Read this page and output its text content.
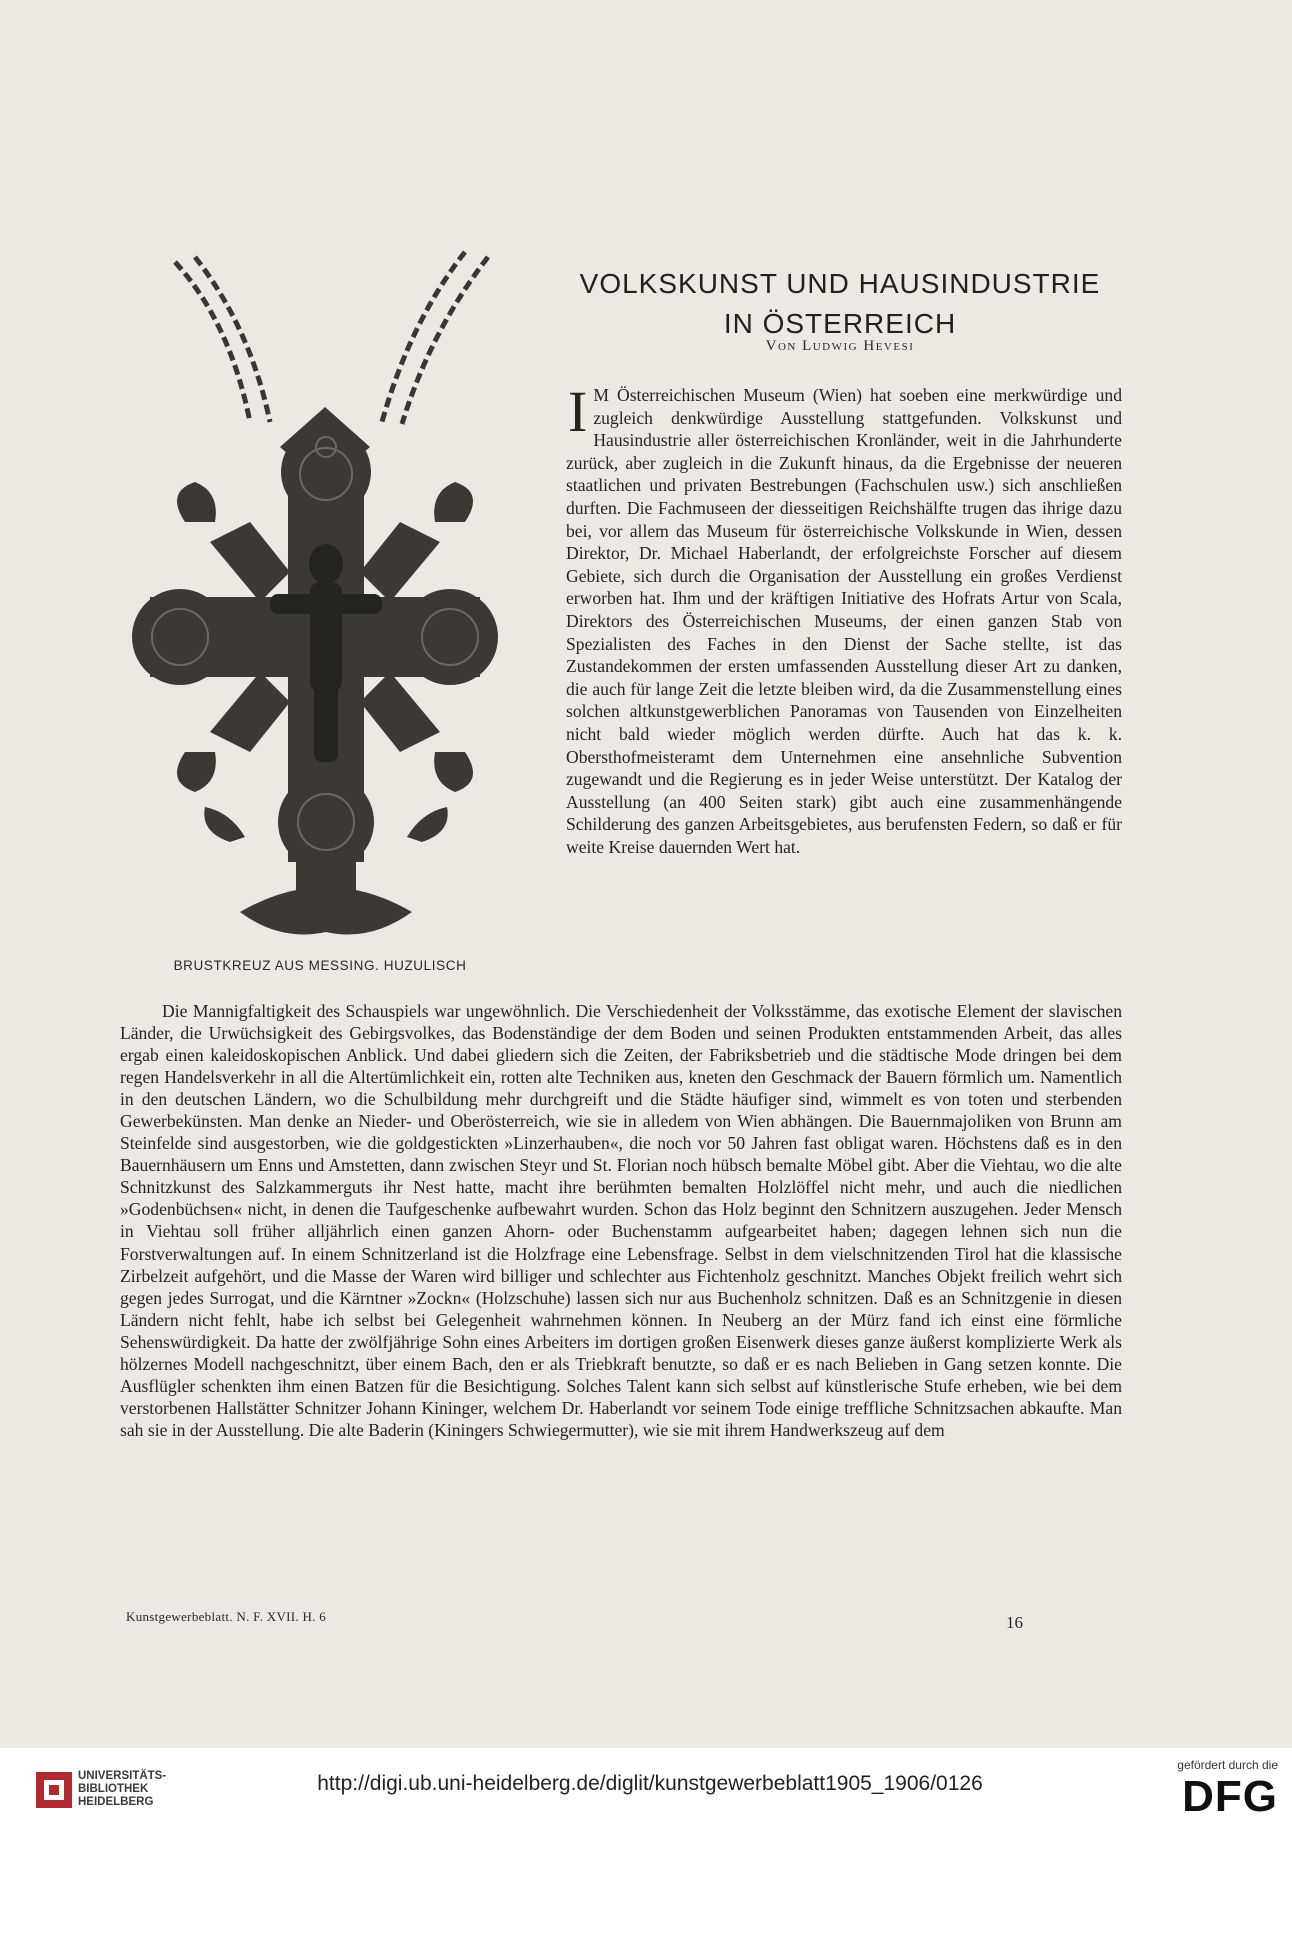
BRUSTKREUZ AUS MESSING. HUZULISCH
VOLKSKUNST UND HAUSINDUSTRIE
IN ÖSTERREICH
Von Ludwig Hevesi

I M Österreichischen Museum (Wien) hat soeben eine merkwürdige und zugleich denkwürdige Ausstellung stattgefunden. Volkskunst und Hausindustrie aller österreichischen Kronländer, weit in die Jahrhunderte zurück, aber zugleich in die Zukunft hinaus, da die Ergebnisse der neueren staatlichen und privaten Bestrebungen (Fachschulen usw.) sich anschließen durften. Die Fachmuseen der diesseitigen Reichshälfte trugen das ihrige dazu bei, vor allem das Museum für österreichische Volkskunde in Wien, dessen Direktor, Dr. Michael Haberlandt, der erfolgreichste Forscher auf diesem Gebiete, sich durch die Organisation der Ausstellung ein großes Verdienst erworben hat. Ihm und der kräftigen Initiative des Hofrats Artur von Scala, Direktors des Österreichischen Museums, der einen ganzen Stab von Spezialisten des Faches in den Dienst der Sache stellte, ist das Zustandekommen der ersten umfassenden Ausstellung dieser Art zu danken, die auch für lange Zeit die letzte bleiben wird, da die Zusammenstellung eines solchen altkunstgewerblichen Panoramas von Tausenden von Einzelheiten nicht bald wieder möglich werden dürfte. Auch hat das k. k. Obersthofmeisteramt dem Unternehmen eine ansehnliche Subvention zugewandt und die Regierung es in jeder Weise unterstützt. Der Katalog der Ausstellung (an 400 Seiten stark) gibt auch eine zusammenhängende Schilderung des ganzen Arbeitsgebietes, aus berufensten Federn, so daß er für weite Kreise dauernden Wert hat.

Die Mannigfaltigkeit des Schauspiels war ungewöhnlich. Die Verschiedenheit der Volksstämme, das exotische Element der slavischen Länder, die Urwüchsigkeit des Gebirgsvolkes, das Bodenständige der dem Boden und seinen Produkten entstammenden Arbeit, das alles ergab einen kaleidoskopischen Anblick. Und dabei gliedern sich die Zeiten, der Fabriksbetrieb und die städtische Mode dringen bei dem regen Handelsverkehr in all die Altertümlichkeit ein, rotten alte Techniken aus, kneten den Geschmack der Bauern förmlich um. Namentlich in den deutschen Ländern, wo die Schulbildung mehr durchgreift und die Städte häufiger sind, wimmelt es von toten und sterbenden Gewerbekünsten. Man denke an Nieder- und Oberösterreich, wie sie in alledem von Wien abhängen. Die Bauernmajoliken von Brunn am Steinfelde sind ausgestorben, wie die goldgestickten »Linzerhauben«, die noch vor 50 Jahren fast obligat waren. Höchstens daß es in den Bauernhäusern um Enns und Amstetten, dann zwischen Steyr und St. Florian noch hübsch bemalte Möbel gibt. Aber die Viehtau, wo die alte Schnitzkunst des Salzkammerguts ihr Nest hatte, macht ihre berühmten bemalten Holzlöffel nicht mehr, und auch die niedlichen »Godenbüchsen« nicht, in denen die Taufgeschenke aufbewahrt wurden. Schon das Holz beginnt den Schnitzern auszugehen. Jeder Mensch in Viehtau soll früher alljährlich einen ganzen Ahorn- oder Buchenstamm aufgearbeitet haben; dagegen lehnen sich nun die Forstverwaltungen auf. In einem Schnitzerland ist die Holzfrage eine Lebensfrage. Selbst in dem vielschnitzenden Tirol hat die klassische Zirbelzeit aufgehört, und die Masse der Waren wird billiger und schlechter aus Fichtenholz geschnitzt. Manches Objekt freilich wehrt sich gegen jedes Surrogat, und die Kärntner »Zockn« (Holzschuhe) lassen sich nur aus Buchenholz schnitzen. Daß es an Schnitzgenie in diesen Ländern nicht fehlt, habe ich selbst bei Gelegenheit wahrnehmen können. In Neuberg an der Mürz fand ich einst eine förmliche Sehenswürdigkeit. Da hatte der zwölfjährige Sohn eines Arbeiters im dortigen großen Eisenwerk dieses ganze äußerst komplizierte Werk als hölzernes Modell nachgeschnitzt, über einem Bach, den er als Triebkraft benutzte, so daß er es nach Belieben in Gang setzen konnte. Die Ausflügler schenkten ihm einen Batzen für die Besichtigung. Solches Talent kann sich selbst auf künstlerische Stufe erheben, wie bei dem verstorbenen Hallstätter Schnitzer Johann Kininger, welchem Dr. Haberlandt vor seinem Tode einige treffliche Schnitzsachen abkaufte. Man sah sie in der Ausstellung. Die alte Baderin (Kiningers Schwiegermutter), wie sie mit ihrem Handwerkszeug auf dem

Kunstgewerbeblatt. N. F. XVII. H. 6	16
UNIVERSITÄTS-
BIBLIOTHEK
HEIDELBERG
http://digi.ub.uni-heidelberg.de/diglit/kunstgewerbeblatt1905_1906/0126
gefördert durch die
DFG
